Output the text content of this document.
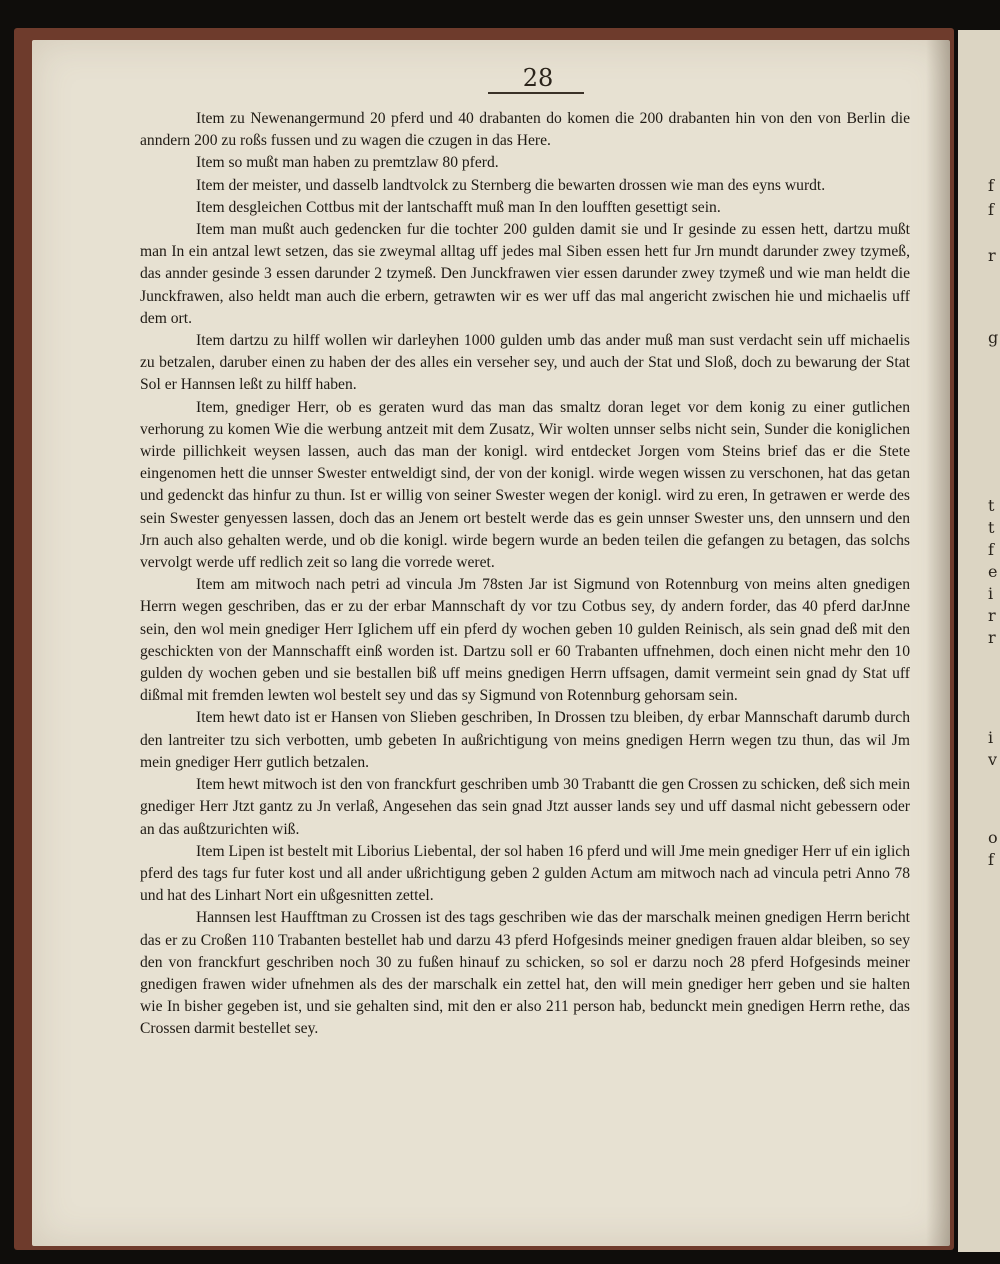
f
f
r
g
t
t
f
e
i
r
r
i
v
o
f
28

Item zu Newenangermund 20 pferd und 40 drabanten do komen die 200 drabanten hin von den von Berlin die anndern 200 zu roßs fussen und zu wagen die czugen in das Here.

Item so mußt man haben zu premtzlaw 80 pferd.

Item der meister, und dasselb landtvolck zu Sternberg die bewarten drossen wie man des eyns wurdt.

Item desgleichen Cottbus mit der lantschafft muß man In den loufften gesettigt sein.

Item man mußt auch gedencken fur die tochter 200 gulden damit sie und Ir gesinde zu essen hett, dartzu mußt man In ein antzal lewt setzen, das sie zweymal alltag uff jedes mal Siben essen hett fur Jrn mundt darunder zwey tzymeß, das annder gesinde 3 essen darunder 2 tzymeß. Den Junckfrawen vier essen darunder zwey tzymeß und wie man heldt die Junckfrawen, also heldt man auch die erbern, getrawten wir es wer uff das mal angericht zwischen hie und michaelis uff dem ort.

Item dartzu zu hilff wollen wir darleyhen 1000 gulden umb das ander muß man sust verdacht sein uff michaelis zu betzalen, daruber einen zu haben der des alles ein verseher sey, und auch der Stat und Sloß, doch zu bewarung der Stat Sol er Hannsen leßt zu hilff haben.

Item, gnediger Herr, ob es geraten wurd das man das smaltz doran leget vor dem konig zu einer gutlichen verhorung zu komen Wie die werbung antzeit mit dem Zusatz, Wir wolten unnser selbs nicht sein, Sunder die koniglichen wirde pillichkeit weysen lassen, auch das man der konigl. wird entdecket Jorgen vom Steins brief das er die Stete eingenomen hett die unnser Swester entweldigt sind, der von der konigl. wirde wegen wissen zu verschonen, hat das getan und gedenckt das hinfur zu thun. Ist er willig von seiner Swester wegen der konigl. wird zu eren, In getrawen er werde des sein Swester genyessen lassen, doch das an Jenem ort bestelt werde das es gein unnser Swester uns, den unnsern und den Jrn auch also gehalten werde, und ob die konigl. wirde begern wurde an beden teilen die gefangen zu betagen, das solchs vervolgt werde uff redlich zeit so lang die vorrede weret.

Item am mitwoch nach petri ad vincula Jm 78sten Jar ist Sigmund von Rotennburg von meins alten gnedigen Herrn wegen geschriben, das er zu der erbar Mannschaft dy vor tzu Cotbus sey, dy andern forder, das 40 pferd darJnne sein, den wol mein gnediger Herr Iglichem uff ein pferd dy wochen geben 10 gulden Reinisch, als sein gnad deß mit den geschickten von der Mannschafft einß worden ist. Dartzu soll er 60 Trabanten uffnehmen, doch einen nicht mehr den 10 gulden dy wochen geben und sie bestallen biß uff meins gnedigen Herrn uffsagen, damit vermeint sein gnad dy Stat uff dißmal mit fremden lewten wol bestelt sey und das sy Sigmund von Rotennburg gehorsam sein.

Item hewt dato ist er Hansen von Slieben geschriben, In Drossen tzu bleiben, dy erbar Mannschaft darumb durch den lantreiter tzu sich verbotten, umb gebeten In außrichtigung von meins gnedigen Herrn wegen tzu thun, das wil Jm mein gnediger Herr gutlich betzalen.

Item hewt mitwoch ist den von franckfurt geschriben umb 30 Trabantt die gen Crossen zu schicken, deß sich mein gnediger Herr Jtzt gantz zu Jn verlaß, Angesehen das sein gnad Jtzt ausser lands sey und uff dasmal nicht gebessern oder an das außtzurichten wiß.

Item Lipen ist bestelt mit Liborius Liebental, der sol haben 16 pferd und will Jme mein gnediger Herr uf ein iglich pferd des tags fur futer kost und all ander ußrichtigung geben 2 gulden Actum am mitwoch nach ad vincula petri Anno 78 und hat des Linhart Nort ein ußgesnitten zettel.

Hannsen lest Haufftman zu Crossen ist des tags geschriben wie das der marschalk meinen gnedigen Herrn bericht das er zu Croßen 110 Trabanten bestellet hab und darzu 43 pferd Hofgesinds meiner gnedigen frauen aldar bleiben, so sey den von franckfurt geschriben noch 30 zu fußen hinauf zu schicken, so sol er darzu noch 28 pferd Hofgesinds meiner gnedigen frawen wider ufnehmen als des der marschalk ein zettel hat, den will mein gnediger herr geben und sie halten wie In bisher gegeben ist, und sie gehalten sind, mit den er also 211 person hab, bedunckt mein gnedigen Herrn rethe, das Crossen darmit bestellet sey.
